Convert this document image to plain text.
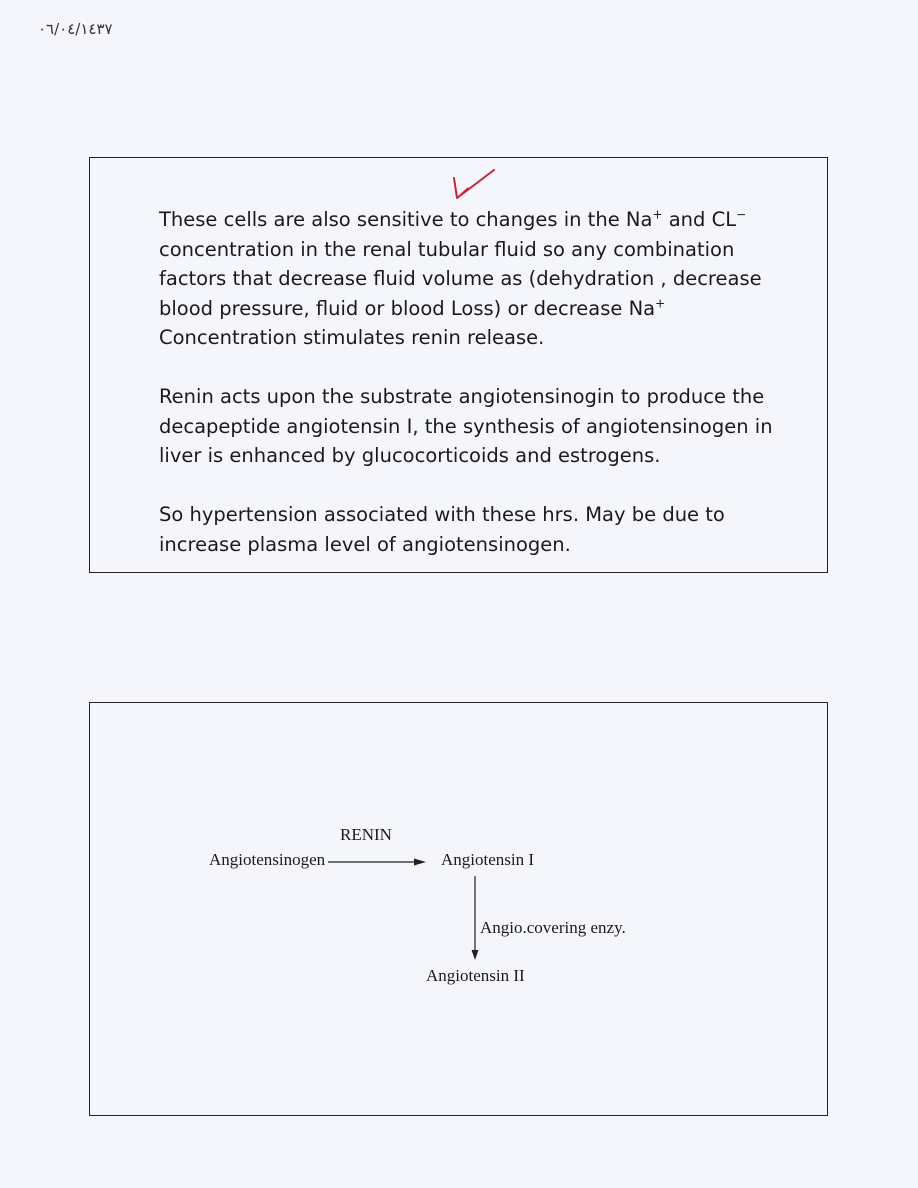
٠٦/٠٤/١٤٣٧

These cells are also sensitive to changes in the Na+ and CL− concentration in the renal tubular fluid so any combination factors that decrease fluid volume as (dehydration , decrease blood pressure, fluid or blood Loss) or decrease Na+ Concentration stimulates renin release.

Renin acts upon the substrate angiotensinogin to produce the decapeptide angiotensin I, the synthesis of angiotensinogen in liver is enhanced by glucocorticoids and estrogens.

So hypertension associated with these hrs. May be due to increase plasma level of angiotensinogen.

RENIN
Angiotensinogen	Angiotensin I
Angio.covering enzy.
Angiotensin II
